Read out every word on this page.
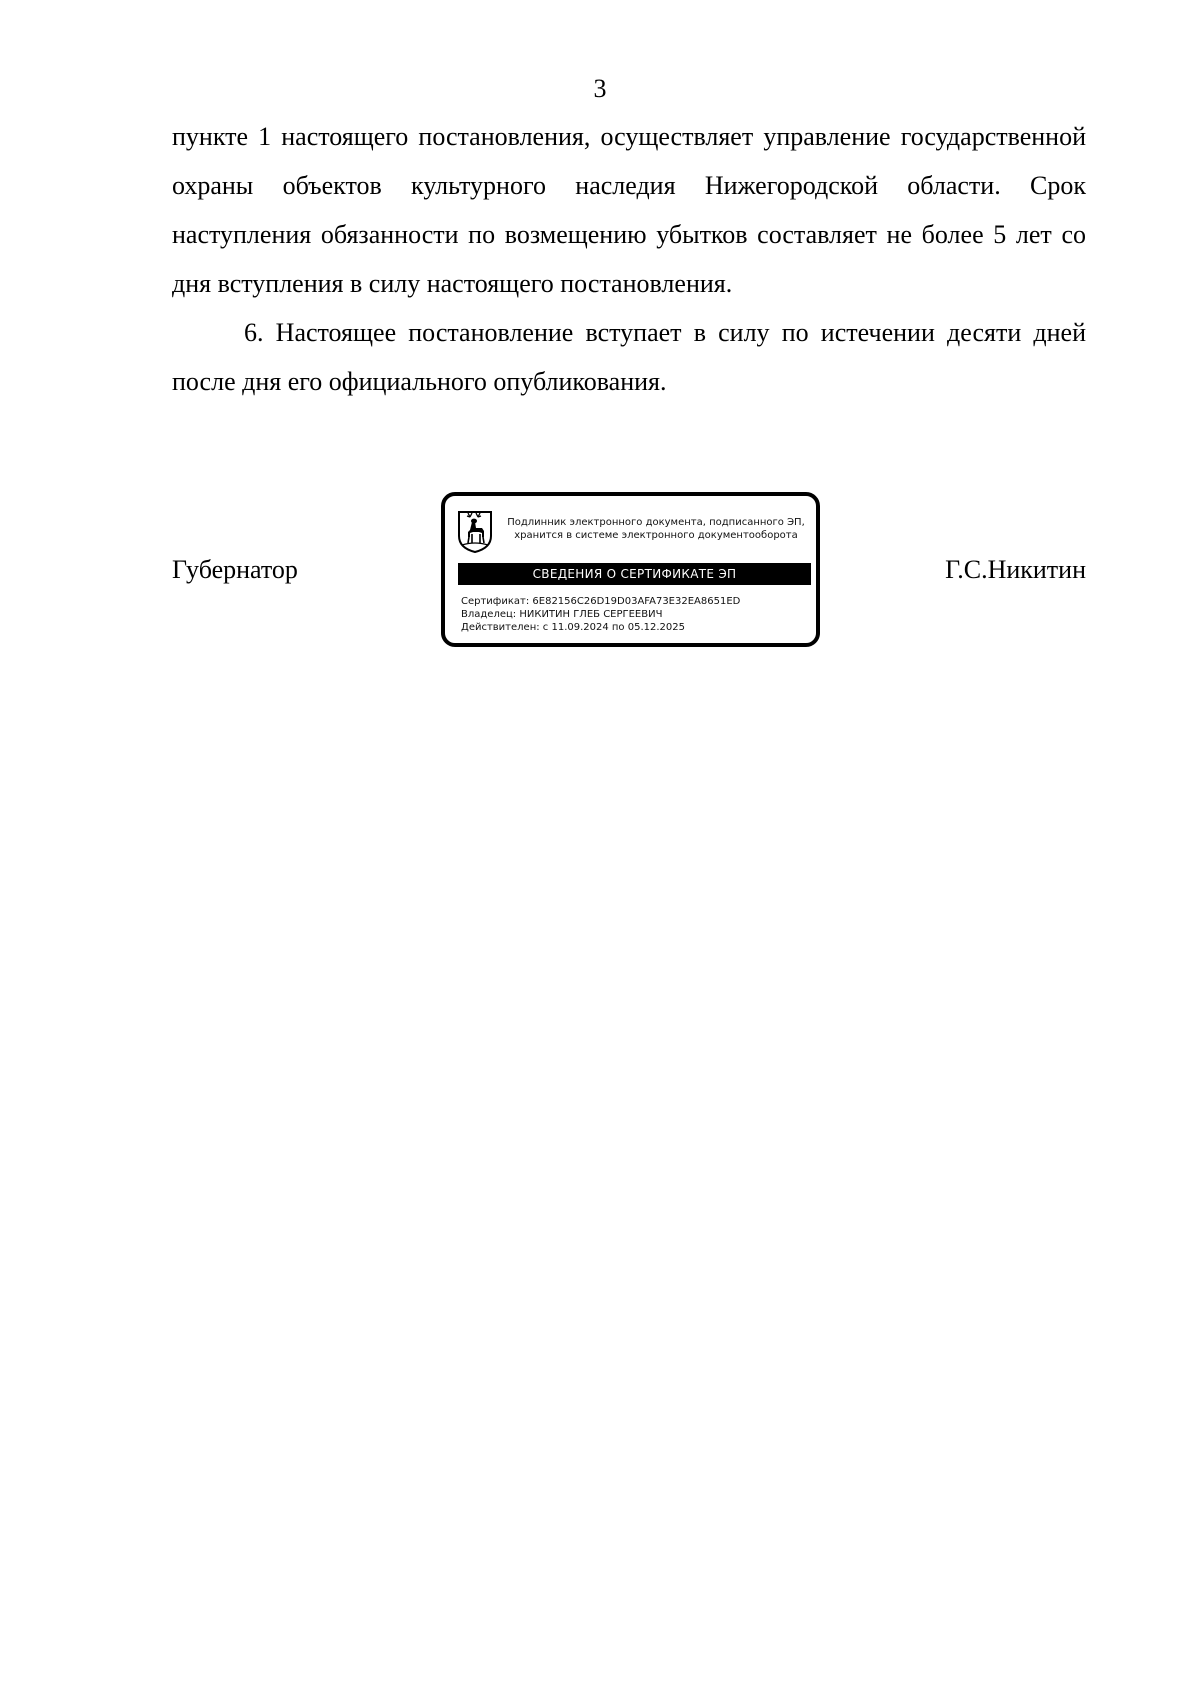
3

пункте 1 настоящего постановления, осуществляет управление государственной охраны объектов культурного наследия Нижегородской области. Срок наступления обязанности по возмещению убытков составляет не более 5 лет со дня вступления в силу настоящего постановления.

6. Настоящее постановление вступает в силу по истечении десяти дней после дня его официального опубликования.

Губернатор
Подлинник электронного документа, подписанного ЭП,
хранится в системе электронного документооборота
СВЕДЕНИЯ О СЕРТИФИКАТЕ ЭП
Сертификат: 6E82156C26D19D03AFA73E32EA8651ED
Владелец: НИКИТИН ГЛЕБ СЕРГЕЕВИЧ
Действителен: с 11.09.2024 по 05.12.2025
Г.С.Никитин
